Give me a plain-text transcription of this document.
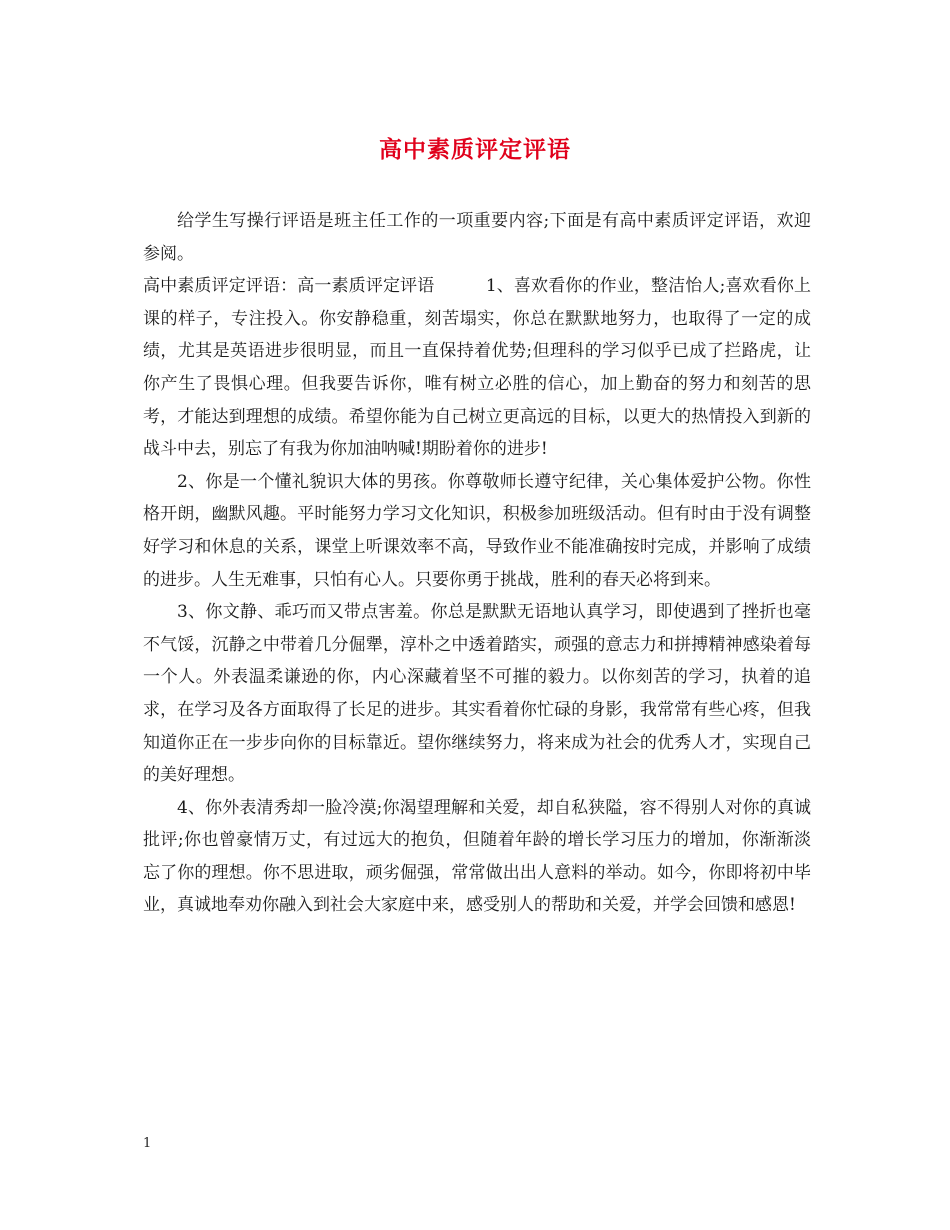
高中素质评定评语

给学生写操行评语是班主任工作的一项重要内容;下面是有高中素质评定评语，欢迎参阅。

高中素质评定评语：高一素质评定评语　　　	1、喜欢看你的作业，整洁怡人;喜欢看你上课的样子，专注投入。你安静稳重，刻苦塌实，你总在默默地努力，也取得了一定的成绩，尤其是英语进步很明显，而且一直保持着优势;但理科的学习似乎已成了拦路虎，让你产生了畏惧心理。但我要告诉你，唯有树立必胜的信心，加上勤奋的努力和刻苦的思考，才能达到理想的成绩。希望你能为自己树立更高远的目标，以更大的热情投入到新的战斗中去，别忘了有我为你加油呐喊!期盼着你的进步!

2、你是一个懂礼貌识大体的男孩。你尊敬师长遵守纪律，关心集体爱护公物。你性格开朗，幽默风趣。平时能努力学习文化知识，积极参加班级活动。但有时由于没有调整好学习和休息的关系，课堂上听课效率不高，导致作业不能准确按时完成，并影响了成绩的进步。人生无难事，只怕有心人。只要你勇于挑战，胜利的春天必将到来。

3、你文静、乖巧而又带点害羞。你总是默默无语地认真学习，即使遇到了挫折也毫不气馁，沉静之中带着几分倔犟，淳朴之中透着踏实，顽强的意志力和拼搏精神感染着每一个人。外表温柔谦逊的你，内心深藏着坚不可摧的毅力。以你刻苦的学习，执着的追求，在学习及各方面取得了长足的进步。其实看着你忙碌的身影，我常常有些心疼，但我知道你正在一步步向你的目标靠近。望你继续努力，将来成为社会的优秀人才，实现自己的美好理想。

4、你外表清秀却一脸冷漠;你渴望理解和关爱，却自私狭隘，容不得别人对你的真诚批评;你也曾豪情万丈，有过远大的抱负，但随着年龄的增长学习压力的增加，你渐渐淡忘了你的理想。你不思进取，顽劣倔强，常常做出出人意料的举动。如今，你即将初中毕业，真诚地奉劝你融入到社会大家庭中来，感受别人的帮助和关爱，并学会回馈和感恩!

1
